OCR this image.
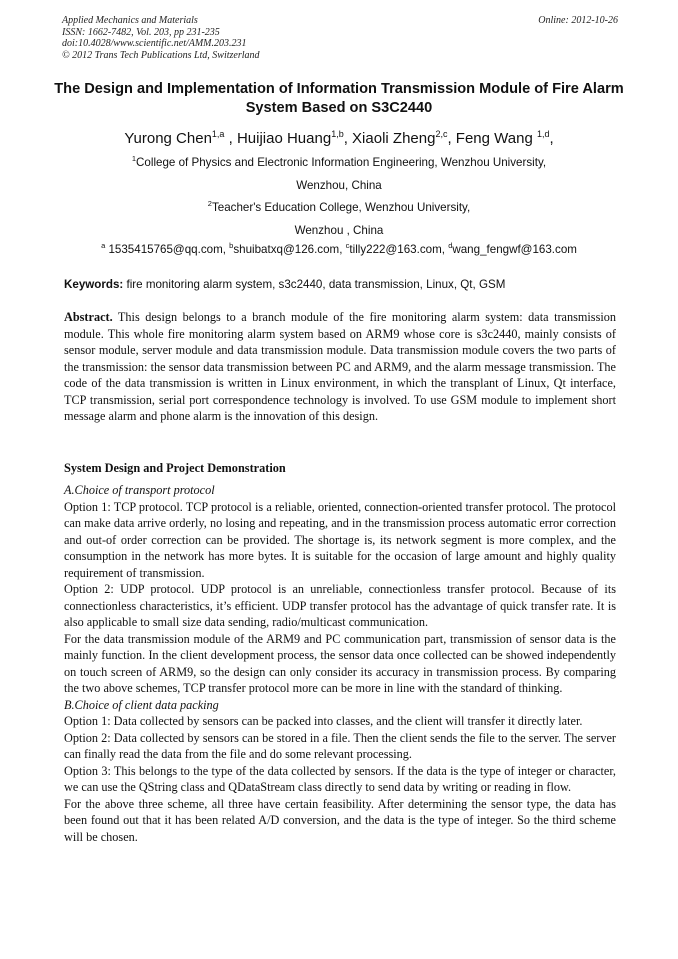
Applied Mechanics and Materials
ISSN: 1662-7482, Vol. 203, pp 231-235
doi:10.4028/www.scientific.net/AMM.203.231
© 2012 Trans Tech Publications Ltd, Switzerland
Online: 2012-10-26
The Design and Implementation of Information Transmission Module of Fire Alarm System Based on S3C2440
Yurong Chen$^{1,a}$ , Huijiao Huang$^{1,b}$, Xiaoli Zheng$^{2,c}$, Feng Wang $^{1,d}$,
$^1$College of Physics and Electronic Information Engineering, Wenzhou University,
Wenzhou, China
$^2$Teacher's Education College, Wenzhou University,
Wenzhou , China
$^a$ 1535415765@qq.com, $^b$shuibatxq@126.com, $^c$tilly222@163.com, $^d$wang_fengwf@163.com
Keywords: fire monitoring alarm system, s3c2440, data transmission, Linux, Qt, GSM

Abstract. This design belongs to a branch module of the fire monitoring alarm system: data transmission module. This whole fire monitoring alarm system based on ARM9 whose core is s3c2440, mainly consists of sensor module, server module and data transmission module. Data transmission module covers the two parts of the transmission: the sensor data transmission between PC and ARM9, and the alarm message transmission. The code of the data transmission is written in Linux environment, in which the transplant of Linux, Qt interface, TCP transmission, serial port correspondence technology is involved. To use GSM module to implement short message alarm and phone alarm is the innovation of this design.

System Design and Project Demonstration

A.Choice of transport protocol

Option 1: TCP protocol. TCP protocol is a reliable, oriented, connection-oriented transfer protocol. The protocol can make data arrive orderly, no losing and repeating, and in the transmission process automatic error correction and out-of order correction can be provided. The shortage is, its network segment is more complex, and the consumption in the network has more bytes. It is suitable for the occasion of large amount and highly quality requirement of transmission.

Option 2: UDP protocol. UDP protocol is an unreliable, connectionless transfer protocol. Because of its connectionless characteristics, it’s efficient. UDP transfer protocol has the advantage of quick transfer rate. It is also applicable to small size data sending, radio/multicast communication.

For the data transmission module of the ARM9 and PC communication part, transmission of sensor data is the mainly function. In the client development process, the sensor data once collected can be showed independently on touch screen of ARM9, so the design can only consider its accuracy in transmission process. By comparing the two above schemes, TCP transfer protocol more can be more in line with the standard of thinking.

B.Choice of client data packing

Option 1: Data collected by sensors can be packed into classes, and the client will transfer it directly later.

Option 2: Data collected by sensors can be stored in a file. Then the client sends the file to the server. The server can finally read the data from the file and do some relevant processing.

Option 3: This belongs to the type of the data collected by sensors. If the data is the type of integer or character, we can use the QString class and QDataStream class directly to send data by writing or reading in flow.

For the above three scheme, all three have certain feasibility. After determining the sensor type, the data has been found out that it has been related A/D conversion, and the data is the type of integer. So the third scheme will be chosen.
